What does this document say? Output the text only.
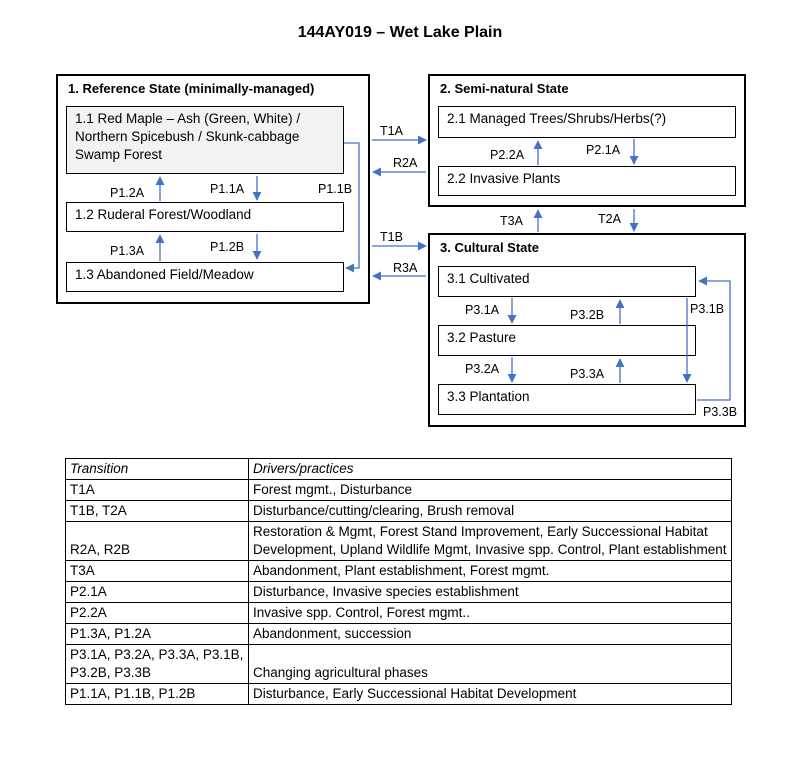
144AY019 – Wet Lake Plain
1. Reference State (minimally-managed)
1.1 Red Maple – Ash (Green, White) / Northern Spicebush / Skunk-cabbage Swamp Forest
1.2 Ruderal Forest/Woodland
1.3 Abandoned Field/Meadow
2. Semi-natural State
2.1 Managed Trees/Shrubs/Herbs(?)
2.2 Invasive Plants
3. Cultural State
3.1 Cultivated
3.2 Pasture
3.3 Plantation
P1.2A	P1.1A	P1.1B
P1.3A	P1.2B
T1A
R2A
T1B
R3A
P2.2A	P2.1A
T3A	T2A
P3.1A	P3.2B	P3.1B
P3.2A	P3.3A
P3.3B
Transition	Drivers/practices
T1A	Forest mgmt., Disturbance
T1B, T2A	Disturbance/cutting/clearing, Brush removal
R2A, R2B	Restoration & Mgmt, Forest Stand Improvement, Early Successional Habitat Development, Upland Wildlife Mgmt, Invasive spp. Control, Plant establishment
T3A	Abandonment, Plant establishment, Forest mgmt.
P2.1A	Disturbance, Invasive species establishment
P2.2A	Invasive spp. Control, Forest mgmt..
P1.3A, P1.2A	Abandonment, succession
P3.1A, P3.2A, P3.3A, P3.1B, P3.2B, P3.3B	Changing agricultural phases
P1.1A, P1.1B, P1.2B	Disturbance, Early Successional Habitat Development
